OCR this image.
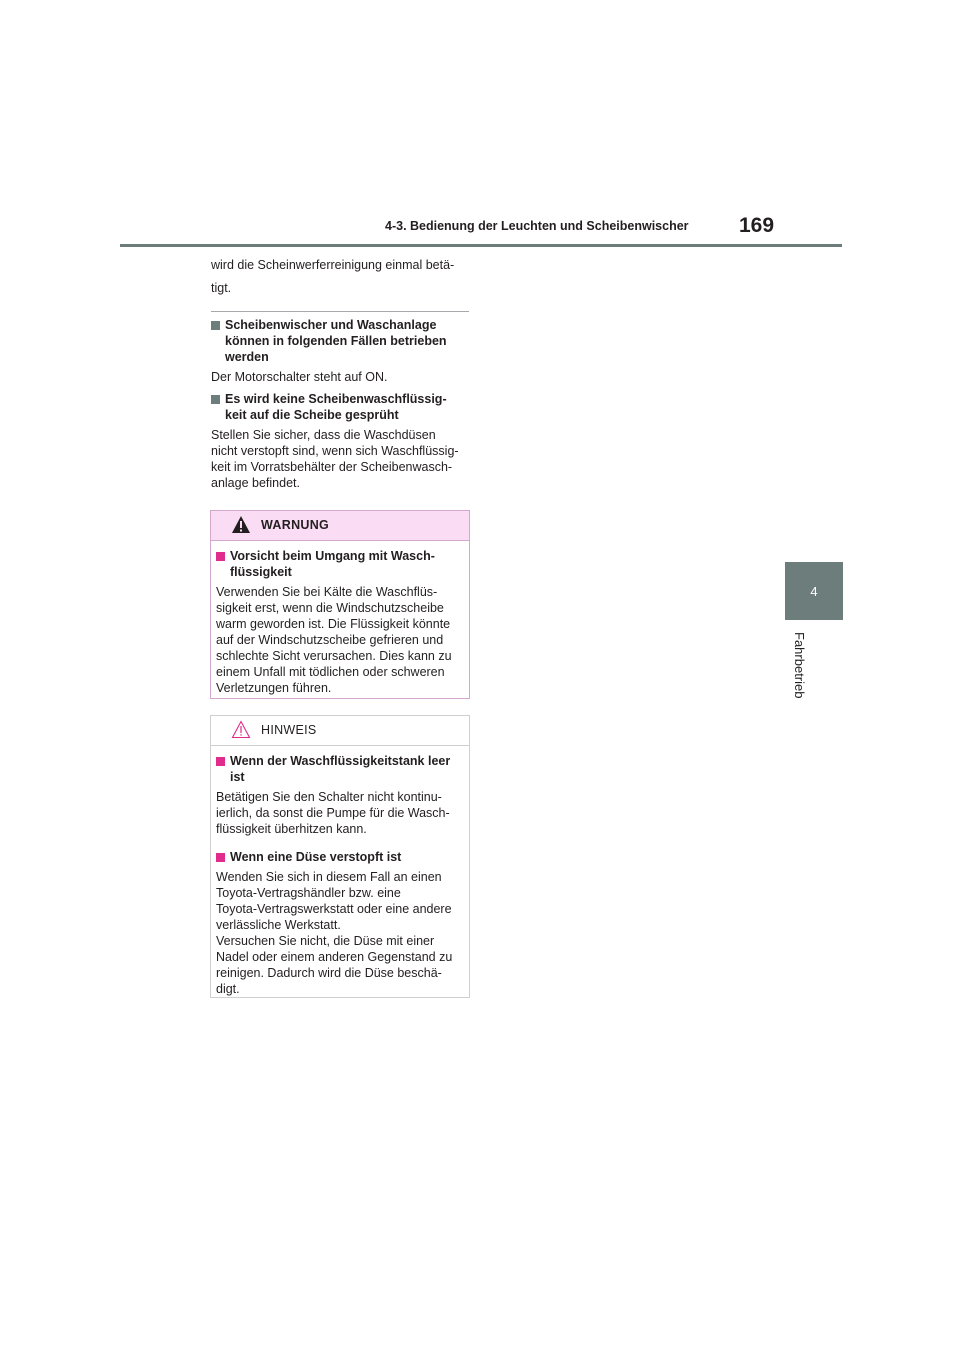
4-3. Bedienung der Leuchten und Scheibenwischer 169
4
Fahrbetrieb

wird die Scheinwerferreinigung einmal betä-

tigt.

Scheibenwischer und Waschanlage

können in folgenden Fällen betrieben

werden

Der Motorschalter steht auf ON.

Es wird keine Scheibenwaschflüssig-

keit auf die Scheibe gesprüht

Stellen Sie sicher, dass die Waschdüsen

nicht verstopft sind, wenn sich Waschflüssig-

keit im Vorratsbehälter der Scheibenwasch-

anlage befindet.

WARNUNG

Vorsicht beim Umgang mit Wasch-

flüssigkeit

Verwenden Sie bei Kälte die Waschflüs-

sigkeit erst, wenn die Windschutzscheibe

warm geworden ist. Die Flüssigkeit könnte

auf der Windschutzscheibe gefrieren und

schlechte Sicht verursachen. Dies kann zu

einem Unfall mit tödlichen oder schweren

Verletzungen führen.

HINWEIS

Wenn der Waschflüssigkeitstank leer

ist

Betätigen Sie den Schalter nicht kontinu-

ierlich, da sonst die Pumpe für die Wasch-

flüssigkeit überhitzen kann.

Wenn eine Düse verstopft ist

Wenden Sie sich in diesem Fall an einen

Toyota-Vertragshändler bzw. eine

Toyota-Vertragswerkstatt oder eine andere

verlässliche Werkstatt.

Versuchen Sie nicht, die Düse mit einer

Nadel oder einem anderen Gegenstand zu

reinigen. Dadurch wird die Düse beschä-

digt.
